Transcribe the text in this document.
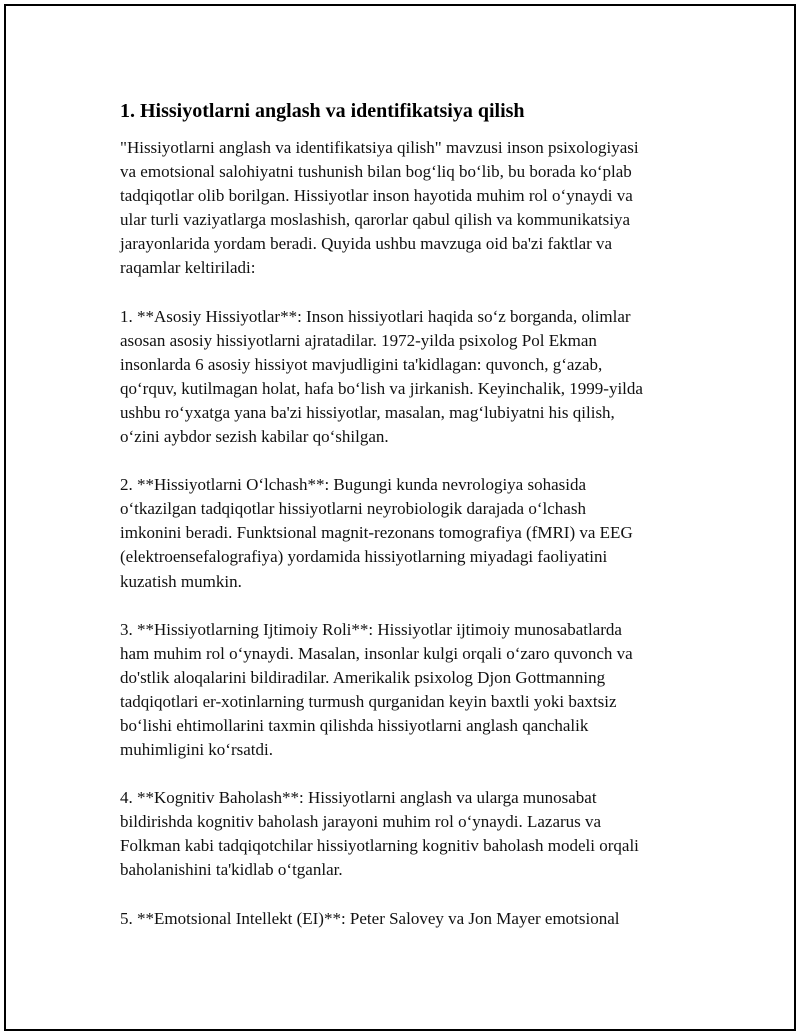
1. Hissiyotlarni anglash va identifikatsiya qilish

"Hissiyotlarni anglash va identifikatsiya qilish" mavzusi inson psixologiyasi
va emotsional salohiyatni tushunish bilan bog‘liq bo‘lib, bu borada ko‘plab
tadqiqotlar olib borilgan. Hissiyotlar inson hayotida muhim rol o‘ynaydi va
ular turli vaziyatlarga moslashish, qarorlar qabul qilish va kommunikatsiya
jarayonlarida yordam beradi. Quyida ushbu mavzuga oid ba'zi faktlar va
raqamlar keltiriladi:

1. **Asosiy Hissiyotlar**: Inson hissiyotlari haqida so‘z borganda, olimlar
asosan asosiy hissiyotlarni ajratadilar. 1972-yilda psixolog Pol Ekman
insonlarda 6 asosiy hissiyot mavjudligini ta'kidlagan: quvonch, g‘azab,
qo‘rquv, kutilmagan holat, hafa bo‘lish va jirkanish. Keyinchalik, 1999-yilda
ushbu ro‘yxatga yana ba'zi hissiyotlar, masalan, mag‘lubiyatni his qilish,
o‘zini aybdor sezish kabilar qo‘shilgan.

2. **Hissiyotlarni O‘lchash**: Bugungi kunda nevrologiya sohasida
o‘tkazilgan tadqiqotlar hissiyotlarni neyrobiologik darajada o‘lchash
imkonini beradi. Funktsional magnit-rezonans tomografiya (fMRI) va EEG
(elektroensefalografiya) yordamida hissiyotlarning miyadagi faoliyatini
kuzatish mumkin.

3. **Hissiyotlarning Ijtimoiy Roli**: Hissiyotlar ijtimoiy munosabatlarda
ham muhim rol o‘ynaydi. Masalan, insonlar kulgi orqali o‘zaro quvonch va
do'stlik aloqalarini bildiradilar. Amerikalik psixolog Djon Gottmanning
tadqiqotlari er-xotinlarning turmush qurganidan keyin baxtli yoki baxtsiz
bo‘lishi ehtimollarini taxmin qilishda hissiyotlarni anglash qanchalik
muhimligini ko‘rsatdi.

4. **Kognitiv Baholash**: Hissiyotlarni anglash va ularga munosabat
bildirishda kognitiv baholash jarayoni muhim rol o‘ynaydi. Lazarus va
Folkman kabi tadqiqotchilar hissiyotlarning kognitiv baholash modeli orqali
baholanishini ta'kidlab o‘tganlar.

5. **Emotsional Intellekt (EI)**: Peter Salovey va Jon Mayer emotsional
